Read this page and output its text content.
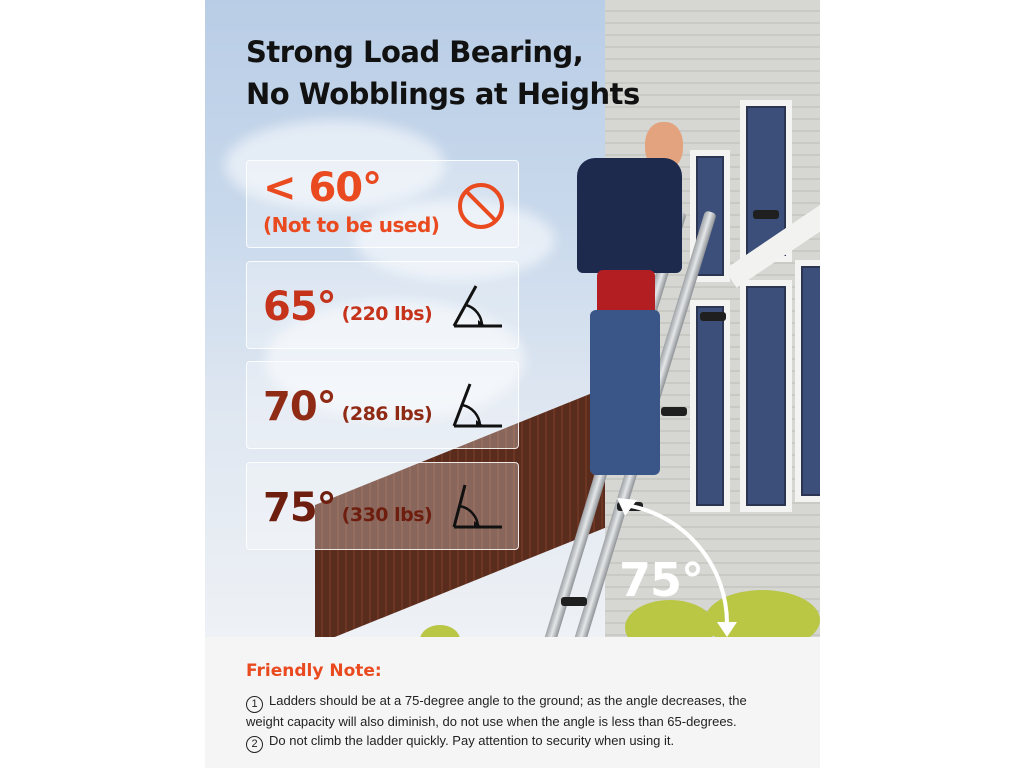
75°
Strong Load Bearing,
No Wobblings at Heights
< 60°
(Not to be used)
65° (220 lbs)
70° (286 lbs)
75° (330 lbs)
Friendly Note:
1 Ladders should be at a 75-degree angle to the ground; as the angle decreases, the weight capacity will also diminish, do not use when the angle is less than 65-degrees.
2 Do not climb the ladder quickly. Pay attention to security when using it.
